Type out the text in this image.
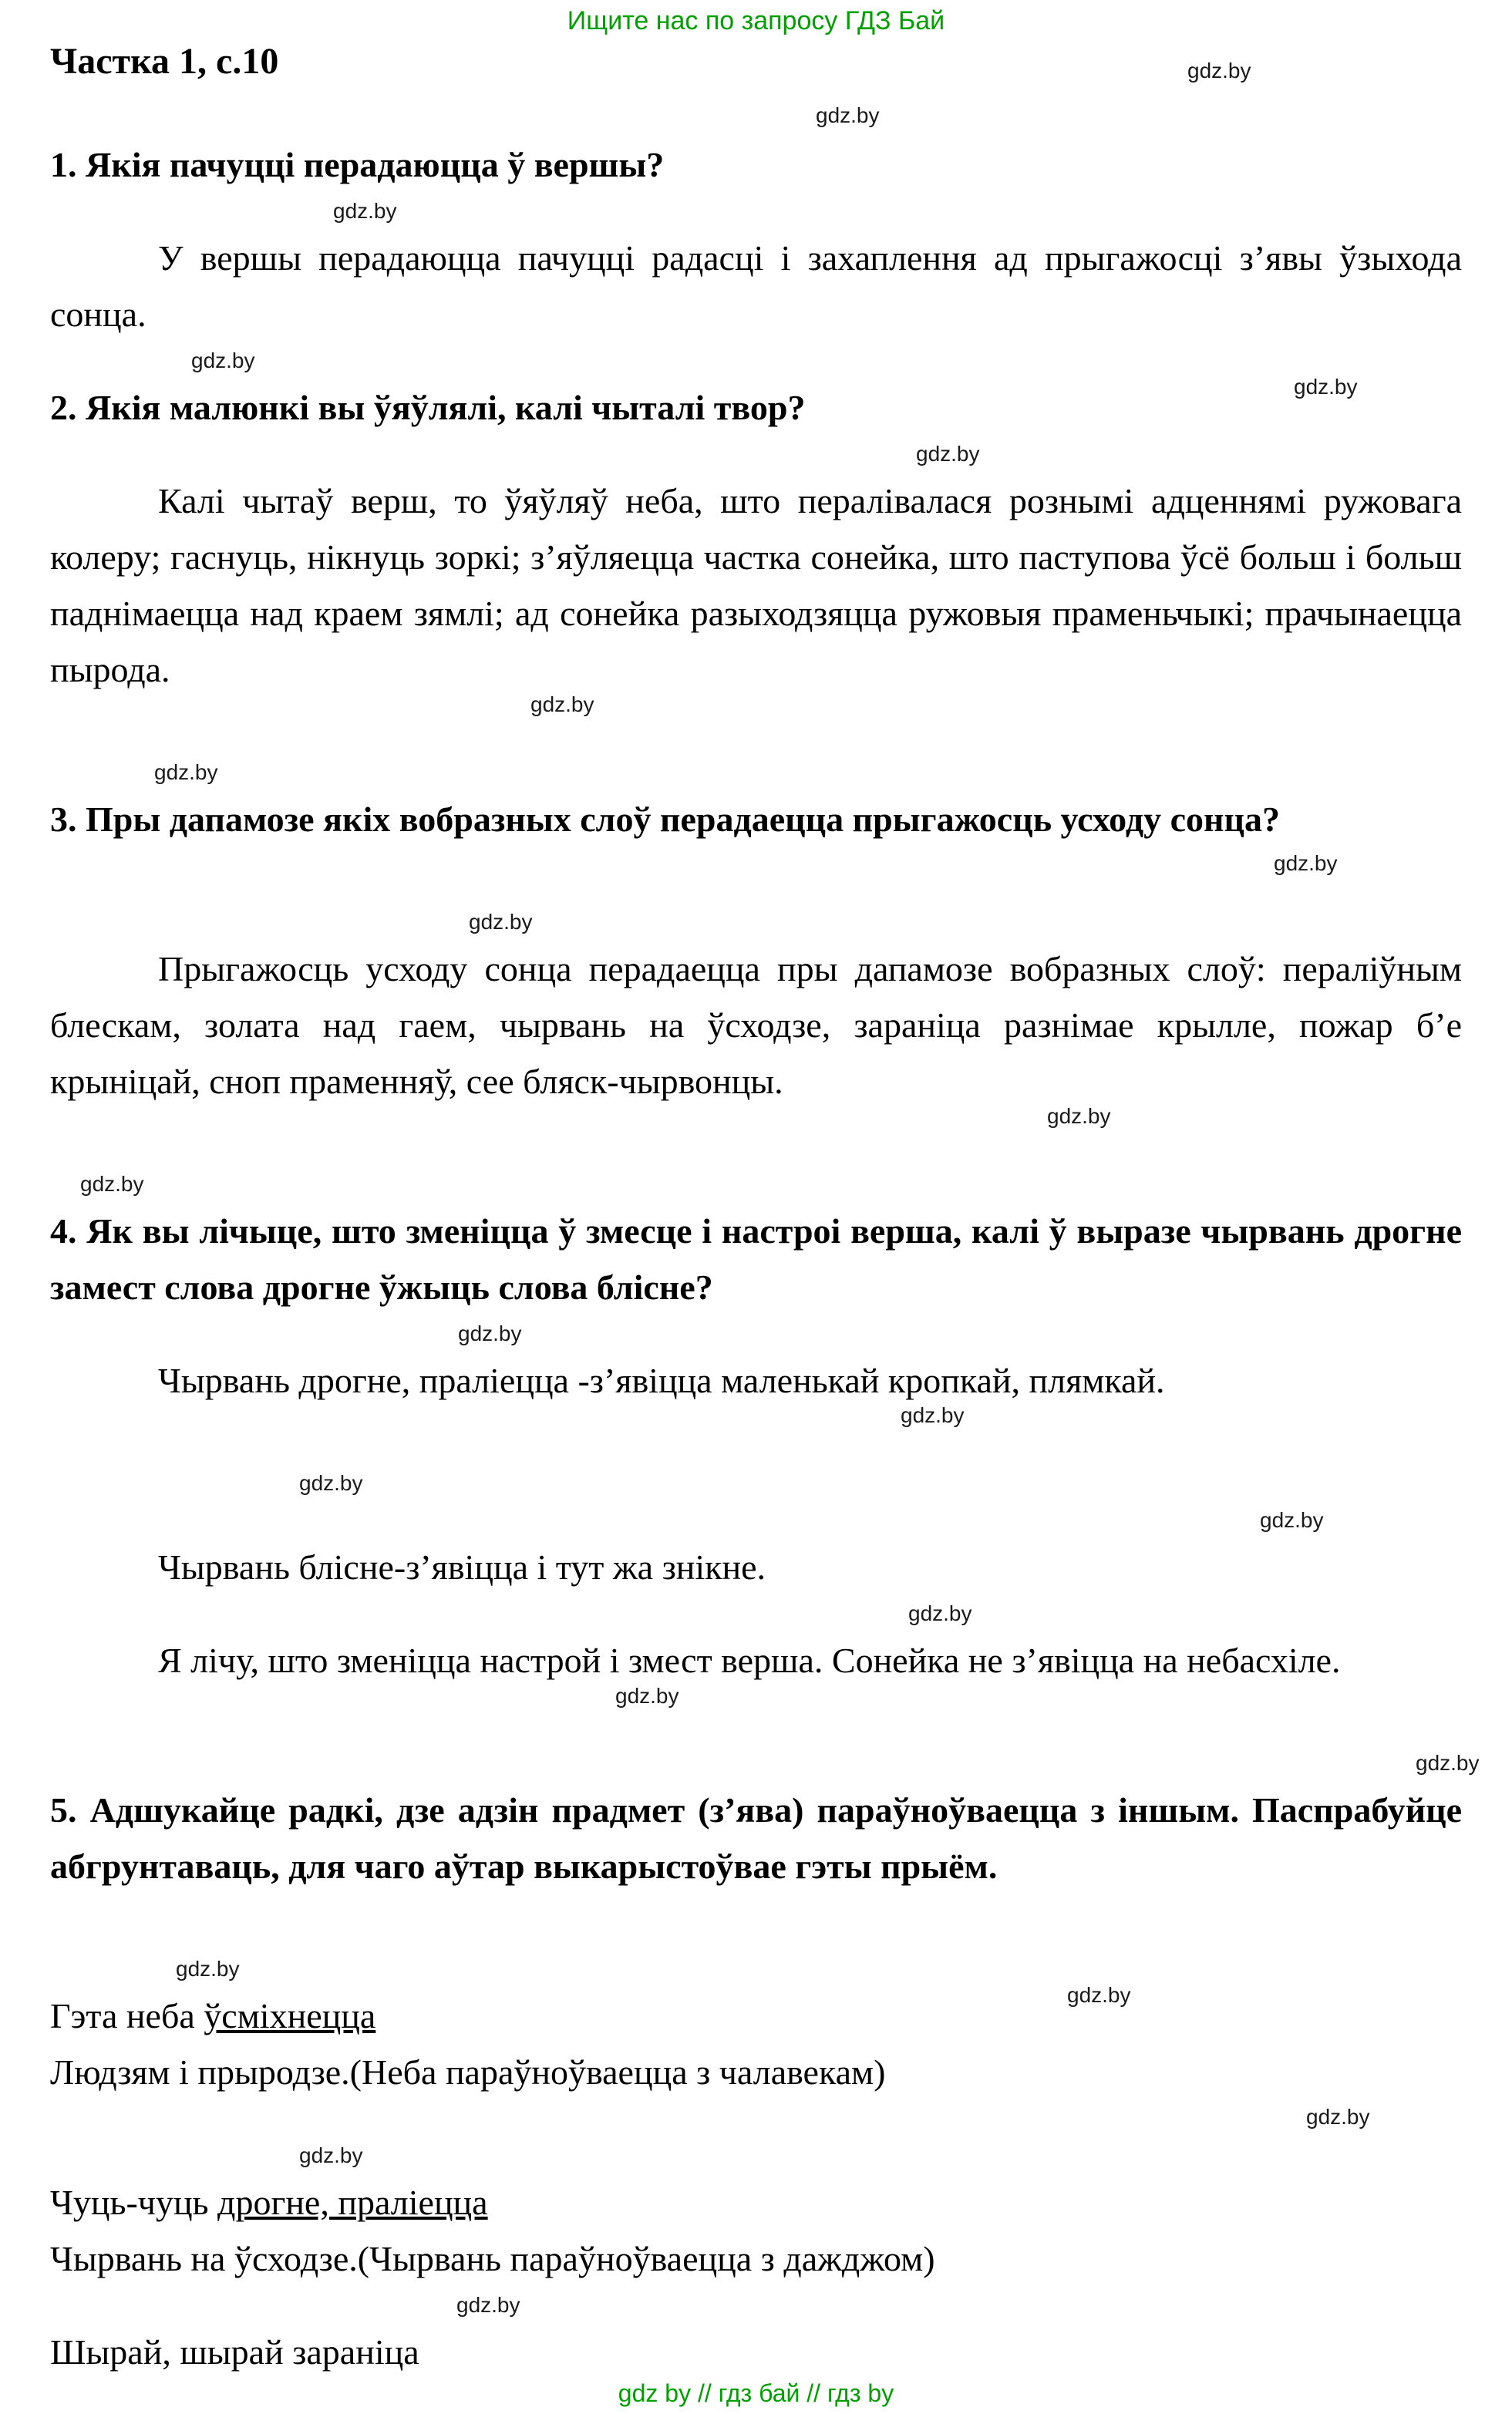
Ищите нас по запросу ГДЗ Бай
Частка 1, с.10
1. Якія пачуцці перадаюцца ў вершы?
У вершы перадаюцца пачуцці радасці і захаплення ад прыгажосці з’явы ўзыхода сонца.
2. Якія малюнкі вы ўяўлялі, калі чыталі твор?
Калі чытаў верш, то ўяўляў неба, што пералівалася рознымі адценнямі ружовага колеру; гаснуць, нікнуць зоркі; з’яўляецца частка сонейка, што паступова ўсё больш і больш паднімаецца над краем зямлі; ад сонейка разыходзяцца ружовыя праменьчыкі; прачынаецца пырода.
3. Пры дапамозе якіх вобразных слоў перадаецца прыгажосць усходу сонца?
Прыгажосць усходу сонца перадаецца пры дапамозе вобразных слоў: пераліўным блескам, золата над гаем, чырвань на ўсходзе, зараніца разнімае крылле, пожар б’е крыніцай, сноп праменняў, сее бляск-чырвонцы.
4. Як вы лічыце, што зменіцца ў змесце і настроі верша, калі ў выразе чырвань дрогне замест слова дрогне ўжыць слова блісне?
Чырвань дрогне, праліецца -з’явіцца маленькай кропкай, плямкай.
Чырвань блісне-з’явіцца і тут жа знікне.
Я лічу, што зменіцца настрой і змест верша. Сонейка не з’явіцца на небасхіле.
5. Адшукайце радкі, дзе адзін прадмет (з’ява) параўноўваецца з іншым. Паспрабуйце абгрунтаваць, для чаго аўтар выкарыстоўвае гэты прыём.
Гэта неба ўсміхнецца
Людзям і прыродзе.(Неба параўноўваецца з чалавекам)
Чуць-чуць дрогне, праліецца
Чырвань на ўсходзе.(Чырвань параўноўваецца з дажджом)
Шырай, шырай зараніца
gdz by // гдз бай // гдз by
gdz.by
gdz.by
gdz.by
gdz.by
gdz.by
gdz.by
gdz.by
gdz.by
gdz.by
gdz.by
gdz.by
gdz.by
gdz.by
gdz.by
gdz.by
gdz.by
gdz.by
gdz.by
gdz.by
gdz.by
gdz.by
gdz.by
gdz.by
gdz.by
